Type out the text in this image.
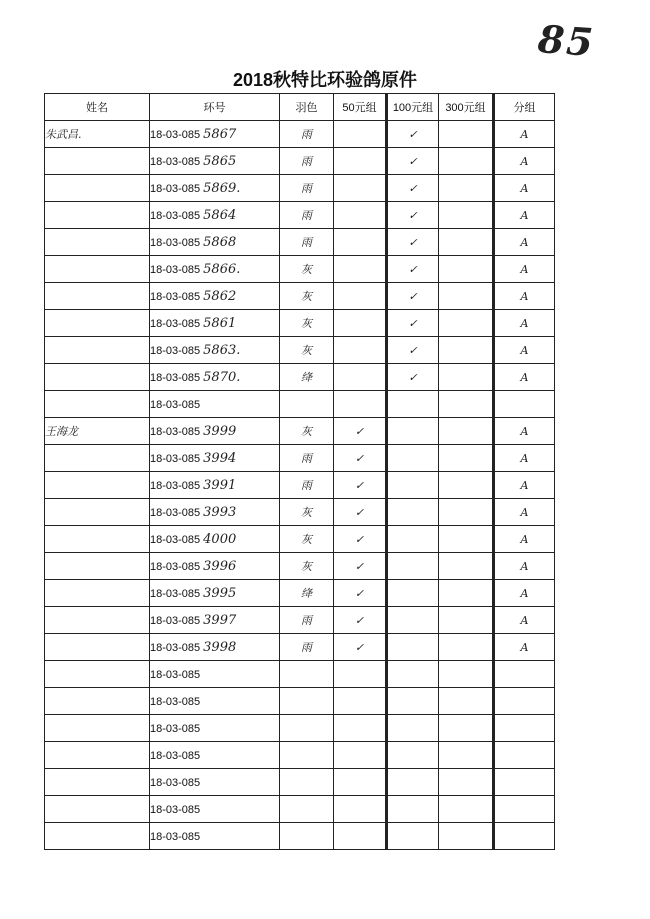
85
2018秋特比环验鸽原件
姓名	环号	羽色	50元组	100元组	300元组	分组
朱武昌.	18-03-085 5867	雨		✓		A
	18-03-085 5865	雨		✓		A
	18-03-085 5869.	雨		✓		A
	18-03-085 5864	雨		✓		A
	18-03-085 5868	雨		✓		A
	18-03-085 5866.	灰		✓		A
	18-03-085 5862	灰		✓		A
	18-03-085 5861	灰		✓		A
	18-03-085 5863.	灰		✓		A
	18-03-085 5870.	绛		✓		A
	18-03-085					
王海龙	18-03-085 3999	灰	✓			A
	18-03-085 3994	雨	✓			A
	18-03-085 3991	雨	✓			A
	18-03-085 3993	灰	✓			A
	18-03-085 4000	灰	✓			A
	18-03-085 3996	灰	✓			A
	18-03-085 3995	绛	✓			A
	18-03-085 3997	雨	✓			A
	18-03-085 3998	雨	✓			A
	18-03-085					
	18-03-085					
	18-03-085					
	18-03-085					
	18-03-085					
	18-03-085					
	18-03-085					
